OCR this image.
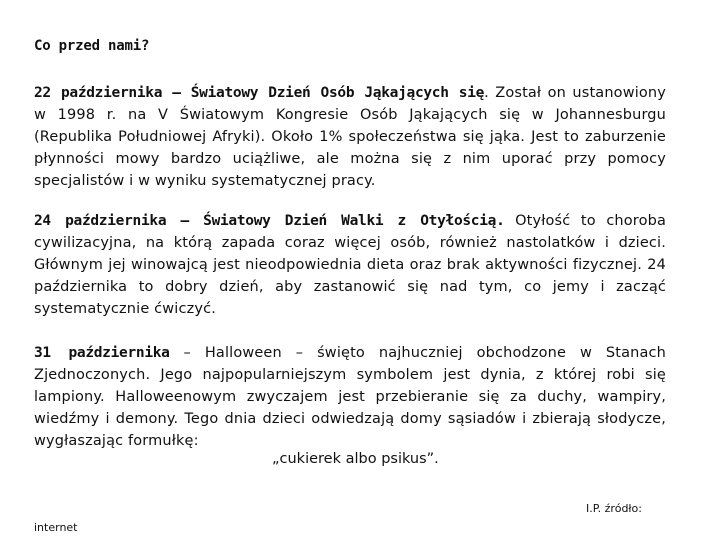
Co przed nami?
22 października – Światowy Dzień Osób Jąkających się. Został on ustanowiony w 1998 r. na V Światowym Kongresie Osób Jąkających się w Johannesburgu (Republika Południowej Afryki). Około 1% społeczeństwa się jąka. Jest to zaburzenie płynności mowy bardzo uciążliwe, ale można się z nim uporać przy pomocy specjalistów i w wyniku systematycznej pracy.
24 października – Światowy Dzień Walki z Otyłością. Otyłość to choroba cywilizacyjna, na którą zapada coraz więcej osób, również nastolatków i dzieci. Głównym jej winowajcą jest nieodpowiednia dieta oraz brak aktywności fizycznej. 24 października to dobry dzień, aby zastanowić się nad tym, co jemy i zacząć systematycznie ćwiczyć.
31 października – Halloween – święto najhuczniej obchodzone w Stanach Zjednoczonych. Jego najpopularniejszym symbolem jest dynia, z której robi się lampiony. Halloweenowym zwyczajem jest przebieranie się za duchy, wampiry, wiedźmy i demony. Tego dnia dzieci odwiedzają domy sąsiadów i zbierają słodycze, wygłaszając formułkę:
„cukierek albo psikus”.
I.P. źródło:
internet
